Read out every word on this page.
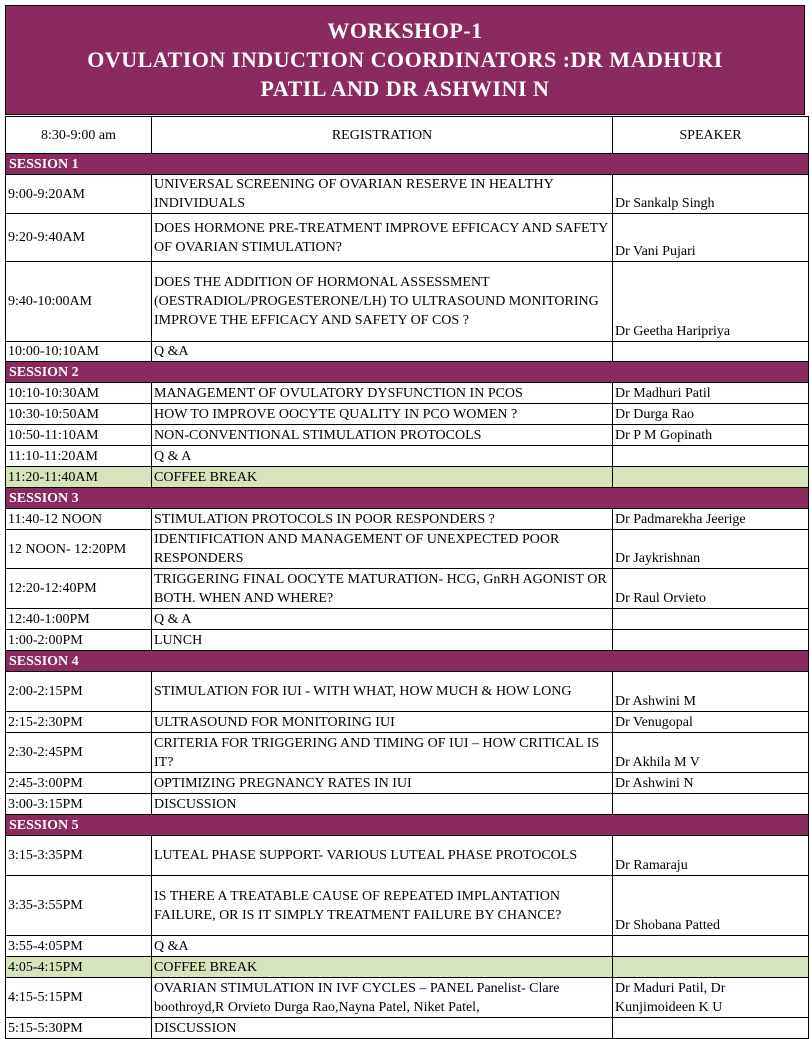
WORKSHOP-1
OVULATION INDUCTION COORDINATORS :DR MADHURI
PATIL AND DR ASHWINI N
8:30-9:00 am	REGISTRATION	SPEAKER
SESSION 1		
9:00-9:20AM	UNIVERSAL SCREENING OF OVARIAN RESERVE IN HEALTHY INDIVIDUALS	Dr Sankalp Singh
9:20-9:40AM	DOES HORMONE PRE-TREATMENT IMPROVE EFFICACY AND SAFETY OF OVARIAN STIMULATION?	Dr Vani Pujari
9:40-10:00AM	DOES THE ADDITION OF HORMONAL ASSESSMENT (OESTRADIOL/PROGESTERONE/LH) TO ULTRASOUND MONITORING IMPROVE THE EFFICACY AND SAFETY OF COS ?	Dr Geetha Haripriya
10:00-10:10AM	Q &A	
SESSION 2		
10:10-10:30AM	MANAGEMENT OF OVULATORY DYSFUNCTION IN PCOS	Dr Madhuri Patil
10:30-10:50AM	HOW TO IMPROVE OOCYTE QUALITY IN PCO WOMEN ?	Dr Durga Rao
10:50-11:10AM	NON-CONVENTIONAL STIMULATION PROTOCOLS	Dr P M Gopinath
11:10-11:20AM	Q & A	
11:20-11:40AM	COFFEE BREAK	
SESSION 3		
11:40-12 NOON	STIMULATION PROTOCOLS IN POOR RESPONDERS ?	Dr Padmarekha Jeerige
12 NOON- 12:20PM	IDENTIFICATION AND MANAGEMENT OF UNEXPECTED POOR RESPONDERS	Dr Jaykrishnan
12:20-12:40PM	TRIGGERING FINAL OOCYTE MATURATION- HCG, GnRH AGONIST OR BOTH. WHEN AND WHERE?	Dr Raul Orvieto
12:40-1:00PM	Q & A	
1:00-2:00PM	LUNCH	
SESSION 4		
2:00-2:15PM	STIMULATION FOR IUI - WITH WHAT, HOW MUCH & HOW LONG	Dr Ashwini M
2:15-2:30PM	ULTRASOUND FOR MONITORING IUI	Dr Venugopal
2:30-2:45PM	CRITERIA FOR TRIGGERING AND TIMING OF IUI – HOW CRITICAL IS IT?	Dr Akhila M V
2:45-3:00PM	OPTIMIZING PREGNANCY RATES IN IUI	Dr Ashwini N
3:00-3:15PM	DISCUSSION	
SESSION 5		
3:15-3:35PM	LUTEAL PHASE SUPPORT- VARIOUS LUTEAL PHASE PROTOCOLS	Dr Ramaraju
3:35-3:55PM	IS THERE A TREATABLE CAUSE OF REPEATED IMPLANTATION FAILURE, OR IS IT SIMPLY TREATMENT FAILURE BY CHANCE?	Dr Shobana Patted
3:55-4:05PM	Q &A	
4:05-4:15PM	COFFEE BREAK	
4:15-5:15PM	OVARIAN STIMULATION IN IVF CYCLES – PANEL Panelist- Clare boothroyd,R Orvieto Durga Rao,Nayna Patel, Niket Patel,	Dr Maduri Patil, Dr Kunjimoideen K U
5:15-5:30PM	DISCUSSION	
